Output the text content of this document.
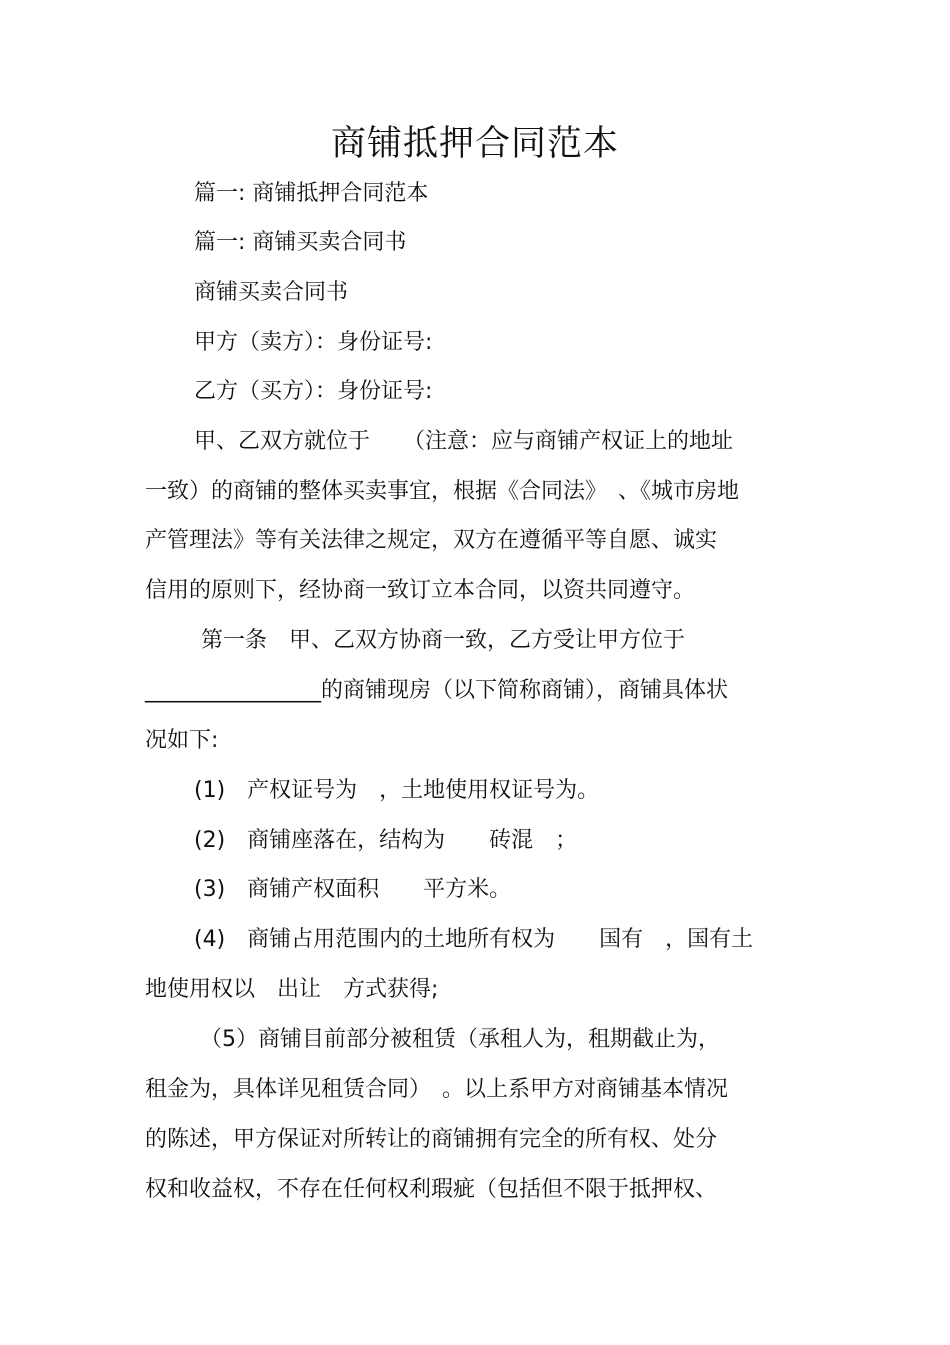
商铺抵押合同范本
篇一: 商铺抵押合同范本
篇一: 商铺买卖合同书
商铺买卖合同书
甲方（卖方）：身份证号:
乙方（买方）：身份证号:
甲、乙双方就位于　　（注意：应与商铺产权证上的地址
一致）的商铺的整体买卖事宜，根据《合同法》　、《城市房地
产管理法》等有关法律之规定，双方在遵循平等自愿、诚实
信用的原则下，经协商一致订立本合同，以资共同遵守。
第一条　甲、乙双方协商一致，乙方受让甲方位于
________________的商铺现房（以下简称商铺），商铺具体状
况如下:
(1)　产权证号为　，土地使用权证号为。
(2)　商铺座落在，结构为　　砖混　；
(3)　商铺产权面积　　平方米。
(4)　商铺占用范围内的土地所有权为　　国有　，国有土
地使用权以　出让　方式获得;
（5）商铺目前部分被租赁（承租人为，租期截止为，
租金为，具体详见租赁合同）　。以上系甲方对商铺基本情况
的陈述，甲方保证对所转让的商铺拥有完全的所有权、处分
权和收益权，不存在任何权利瑕疵（包括但不限于抵押权、
